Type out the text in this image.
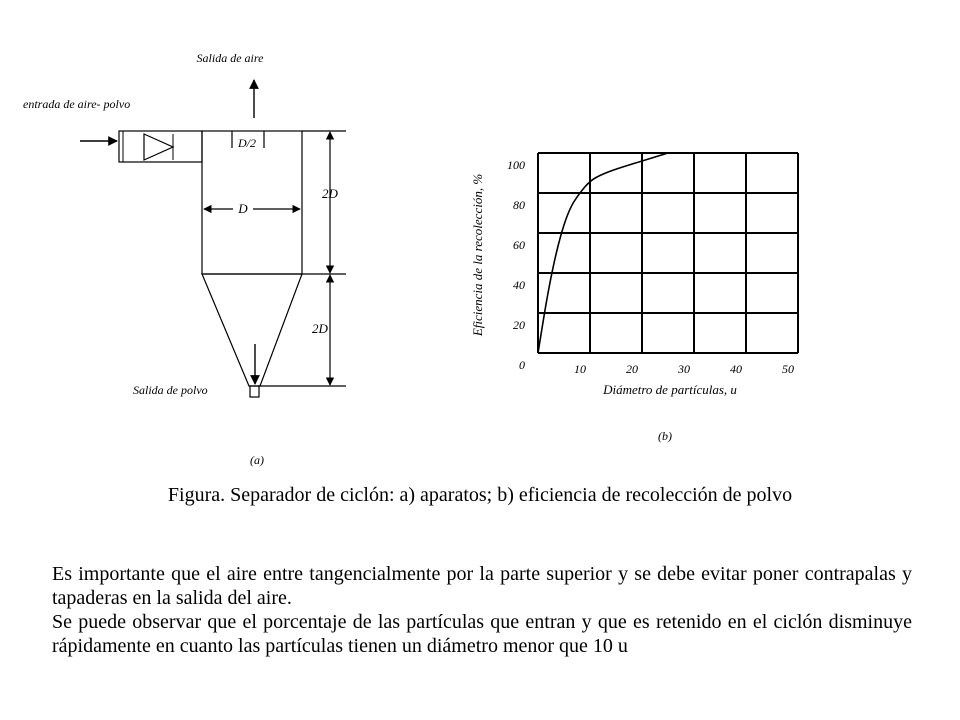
Salida de aire
entrada de aire- polvo
D/2
D
Salida de polvo
2D
2D
(a)
10	20	30	40	50
0
20
40
60
80
100
Diámetro de partículas, u
Eficiencia de la recolección, %
(b)
Figura. Separador de ciclón: a) aparatos; b) eficiencia de recolección de polvo

Es importante que el aire entre tangencialmente por la parte superior y se debe evitar poner contrapalas y tapaderas en la salida del aire.

Se puede observar que el porcentaje de las partículas que entran y que es retenido en el ciclón disminuye rápidamente en cuanto las partículas tienen un diámetro menor que 10 u
